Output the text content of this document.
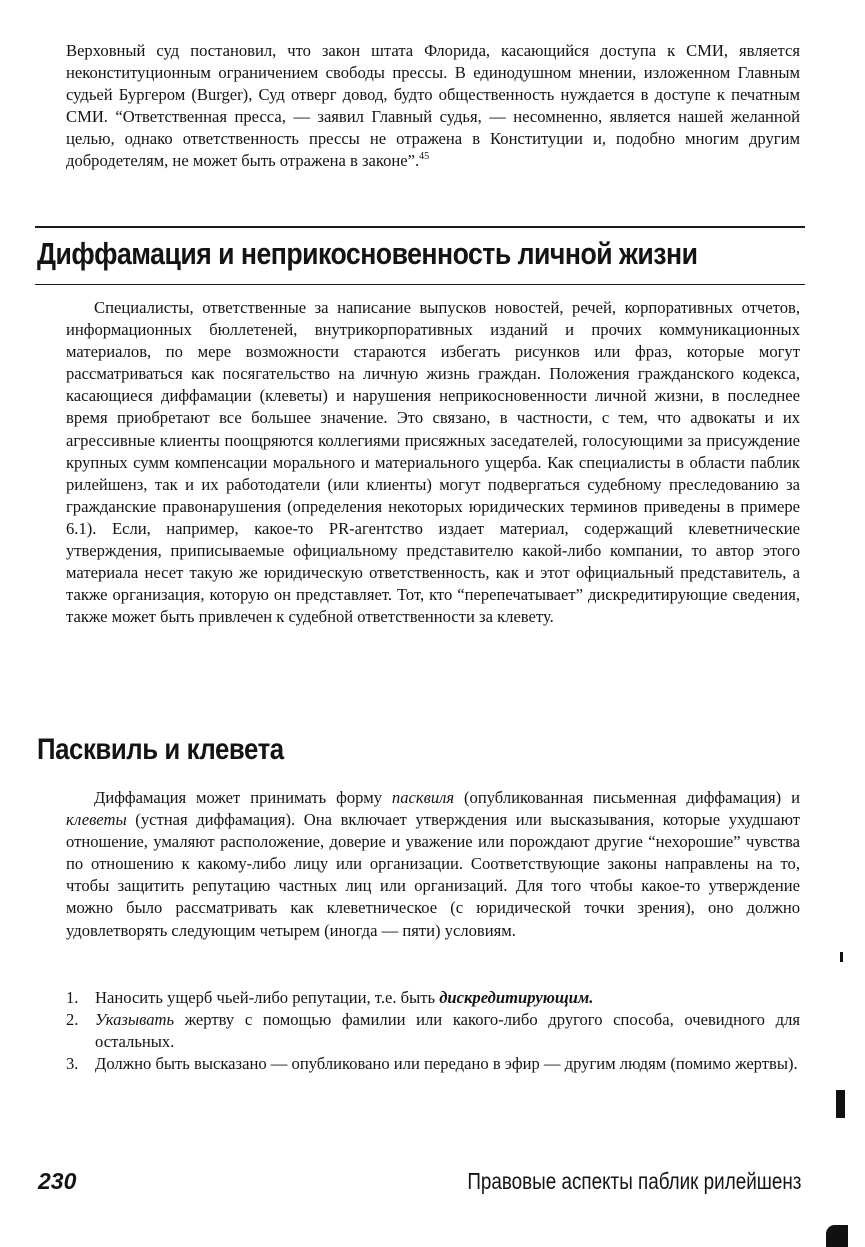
Верховный суд постановил, что закон штата Флорида, касающийся доступа к СМИ, является неконституционным ограничением свободы прессы. В единодушном мнении, изложенном Главным судьей Бургером (Burger), Суд отверг довод, будто общественность нуждается в доступе к печатным СМИ. “Ответственная пресса, — заявил Главный судья, — несомненно, является нашей желанной целью, однако ответственность прессы не отражена в Конституции и, подобно многим другим добродетелям, не может быть отражена в законе”.$^{45}$

Диффамация и неприкосновенность личной жизни

Специалисты, ответственные за написание выпусков новостей, речей, корпоративных отчетов, информационных бюллетеней, внутрикорпоративных изданий и прочих коммуникационных материалов, по мере возможности стараются избегать рисунков или фраз, которые могут рассматриваться как посягательство на личную жизнь граждан. Положения гражданского кодекса, касающиеся диффамации (клеветы) и нарушения неприкосновенности личной жизни, в последнее время приобретают все большее значение. Это связано, в частности, с тем, что адвокаты и их агрессивные клиенты поощряются коллегиями присяжных заседателей, голосующими за присуждение крупных сумм компенсации морального и материального ущерба. Как специалисты в области паблик рилейшенз, так и их работодатели (или клиенты) могут подвергаться судебному преследованию за гражданские правонарушения (определения некоторых юридических терминов приведены в примере 6.1). Если, например, какое-то PR-агентство издает материал, содержащий клеветнические утверждения, приписываемые официальному представителю какой-либо компании, то автор этого материала несет такую же юридическую ответственность, как и этот официальный представитель, а также организация, которую он представляет. Тот, кто “перепечатывает” дискредитирующие сведения, также может быть привлечен к судебной ответственности за клевету.

Пасквиль и клевета

Диффамация может принимать форму пасквиля (опубликованная письменная диффамация) и клеветы (устная диффамация). Она включает утверждения или высказывания, которые ухудшают отношение, умаляют расположение, доверие и уважение или порождают другие “нехорошие” чувства по отношению к какому-либо лицу или организации. Соответствующие законы направлены на то, чтобы защитить репутацию частных лиц или организаций. Для того чтобы какое-то утверждение можно было рассматривать как клеветническое (с юридической точки зрения), оно должно удовлетворять следующим четырем (иногда — пяти) условиям.

1. Наносить ущерб чьей-либо репутации, т.е. быть дискредитирующим.
2. Указывать жертву с помощью фамилии или какого-либо другого способа, очевидного для остальных.
3. Должно быть высказано — опубликовано или передано в эфир — другим людям (помимо жертвы).
230	Правовые аспекты паблик рилейшенз
